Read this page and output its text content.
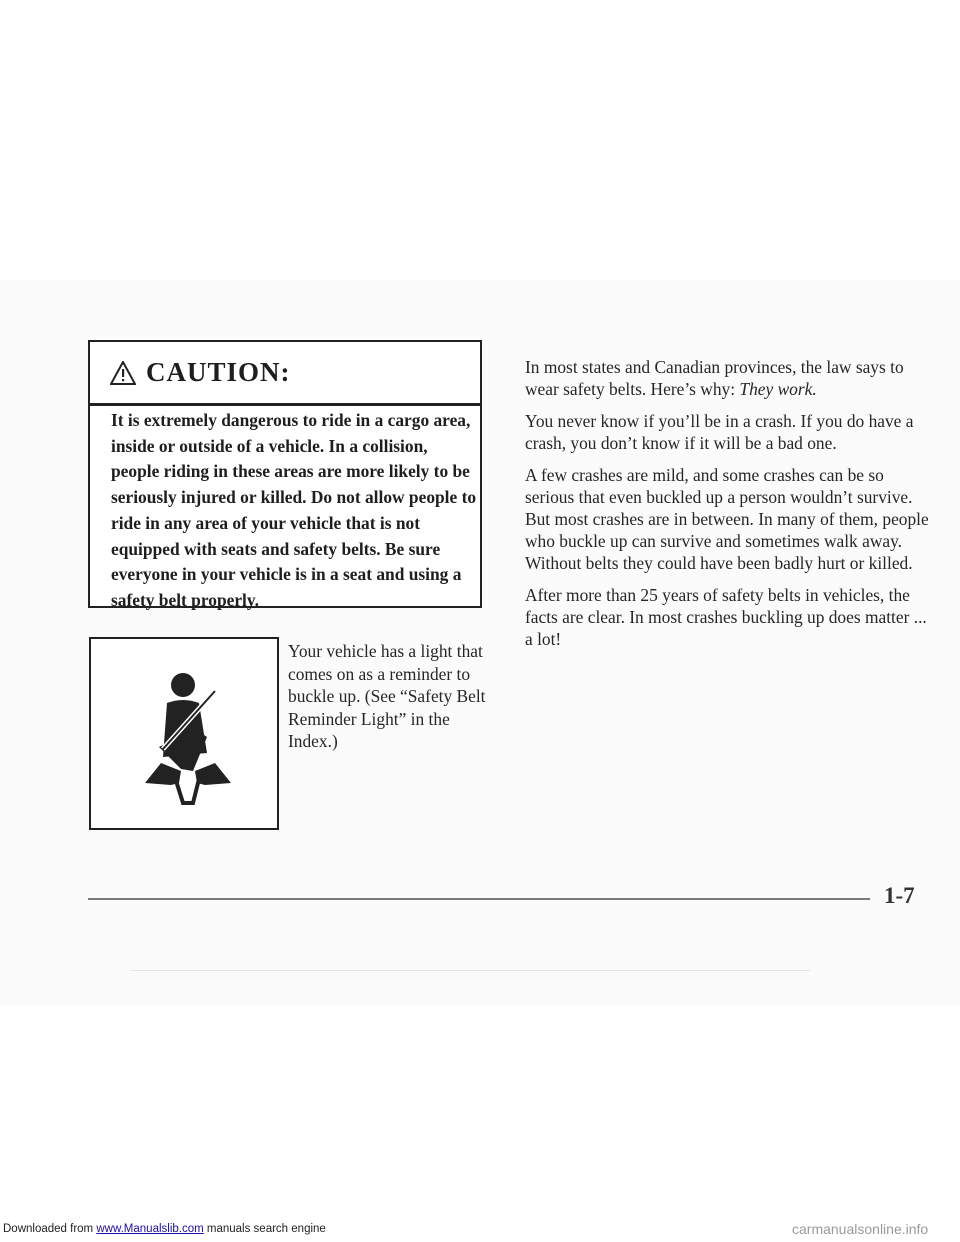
CAUTION:
It is extremely dangerous to ride in a cargo area, inside or outside of a vehicle. In a collision, people riding in these areas are more likely to be seriously injured or killed. Do not allow people to ride in any area of your vehicle that is not equipped with seats and safety belts. Be sure everyone in your vehicle is in a seat and using a safety belt properly.
Your vehicle has a light that comes on as a reminder to buckle up. (See “Safety Belt Reminder Light” in the Index.)

In most states and Canadian provinces, the law says to wear safety belts. Here’s why: They work.

You never know if you’ll be in a crash. If you do have a crash, you don’t know if it will be a bad one.

A few crashes are mild, and some crashes can be so serious that even buckled up a person wouldn’t survive. But most crashes are in between. In many of them, people who buckle up can survive and sometimes walk away. Without belts they could have been badly hurt or killed.

After more than 25 years of safety belts in vehicles, the facts are clear. In most crashes buckling up does matter ... a lot!

1-7
Downloaded from www.Manualslib.com manuals search engine	carmanualsonline.info
